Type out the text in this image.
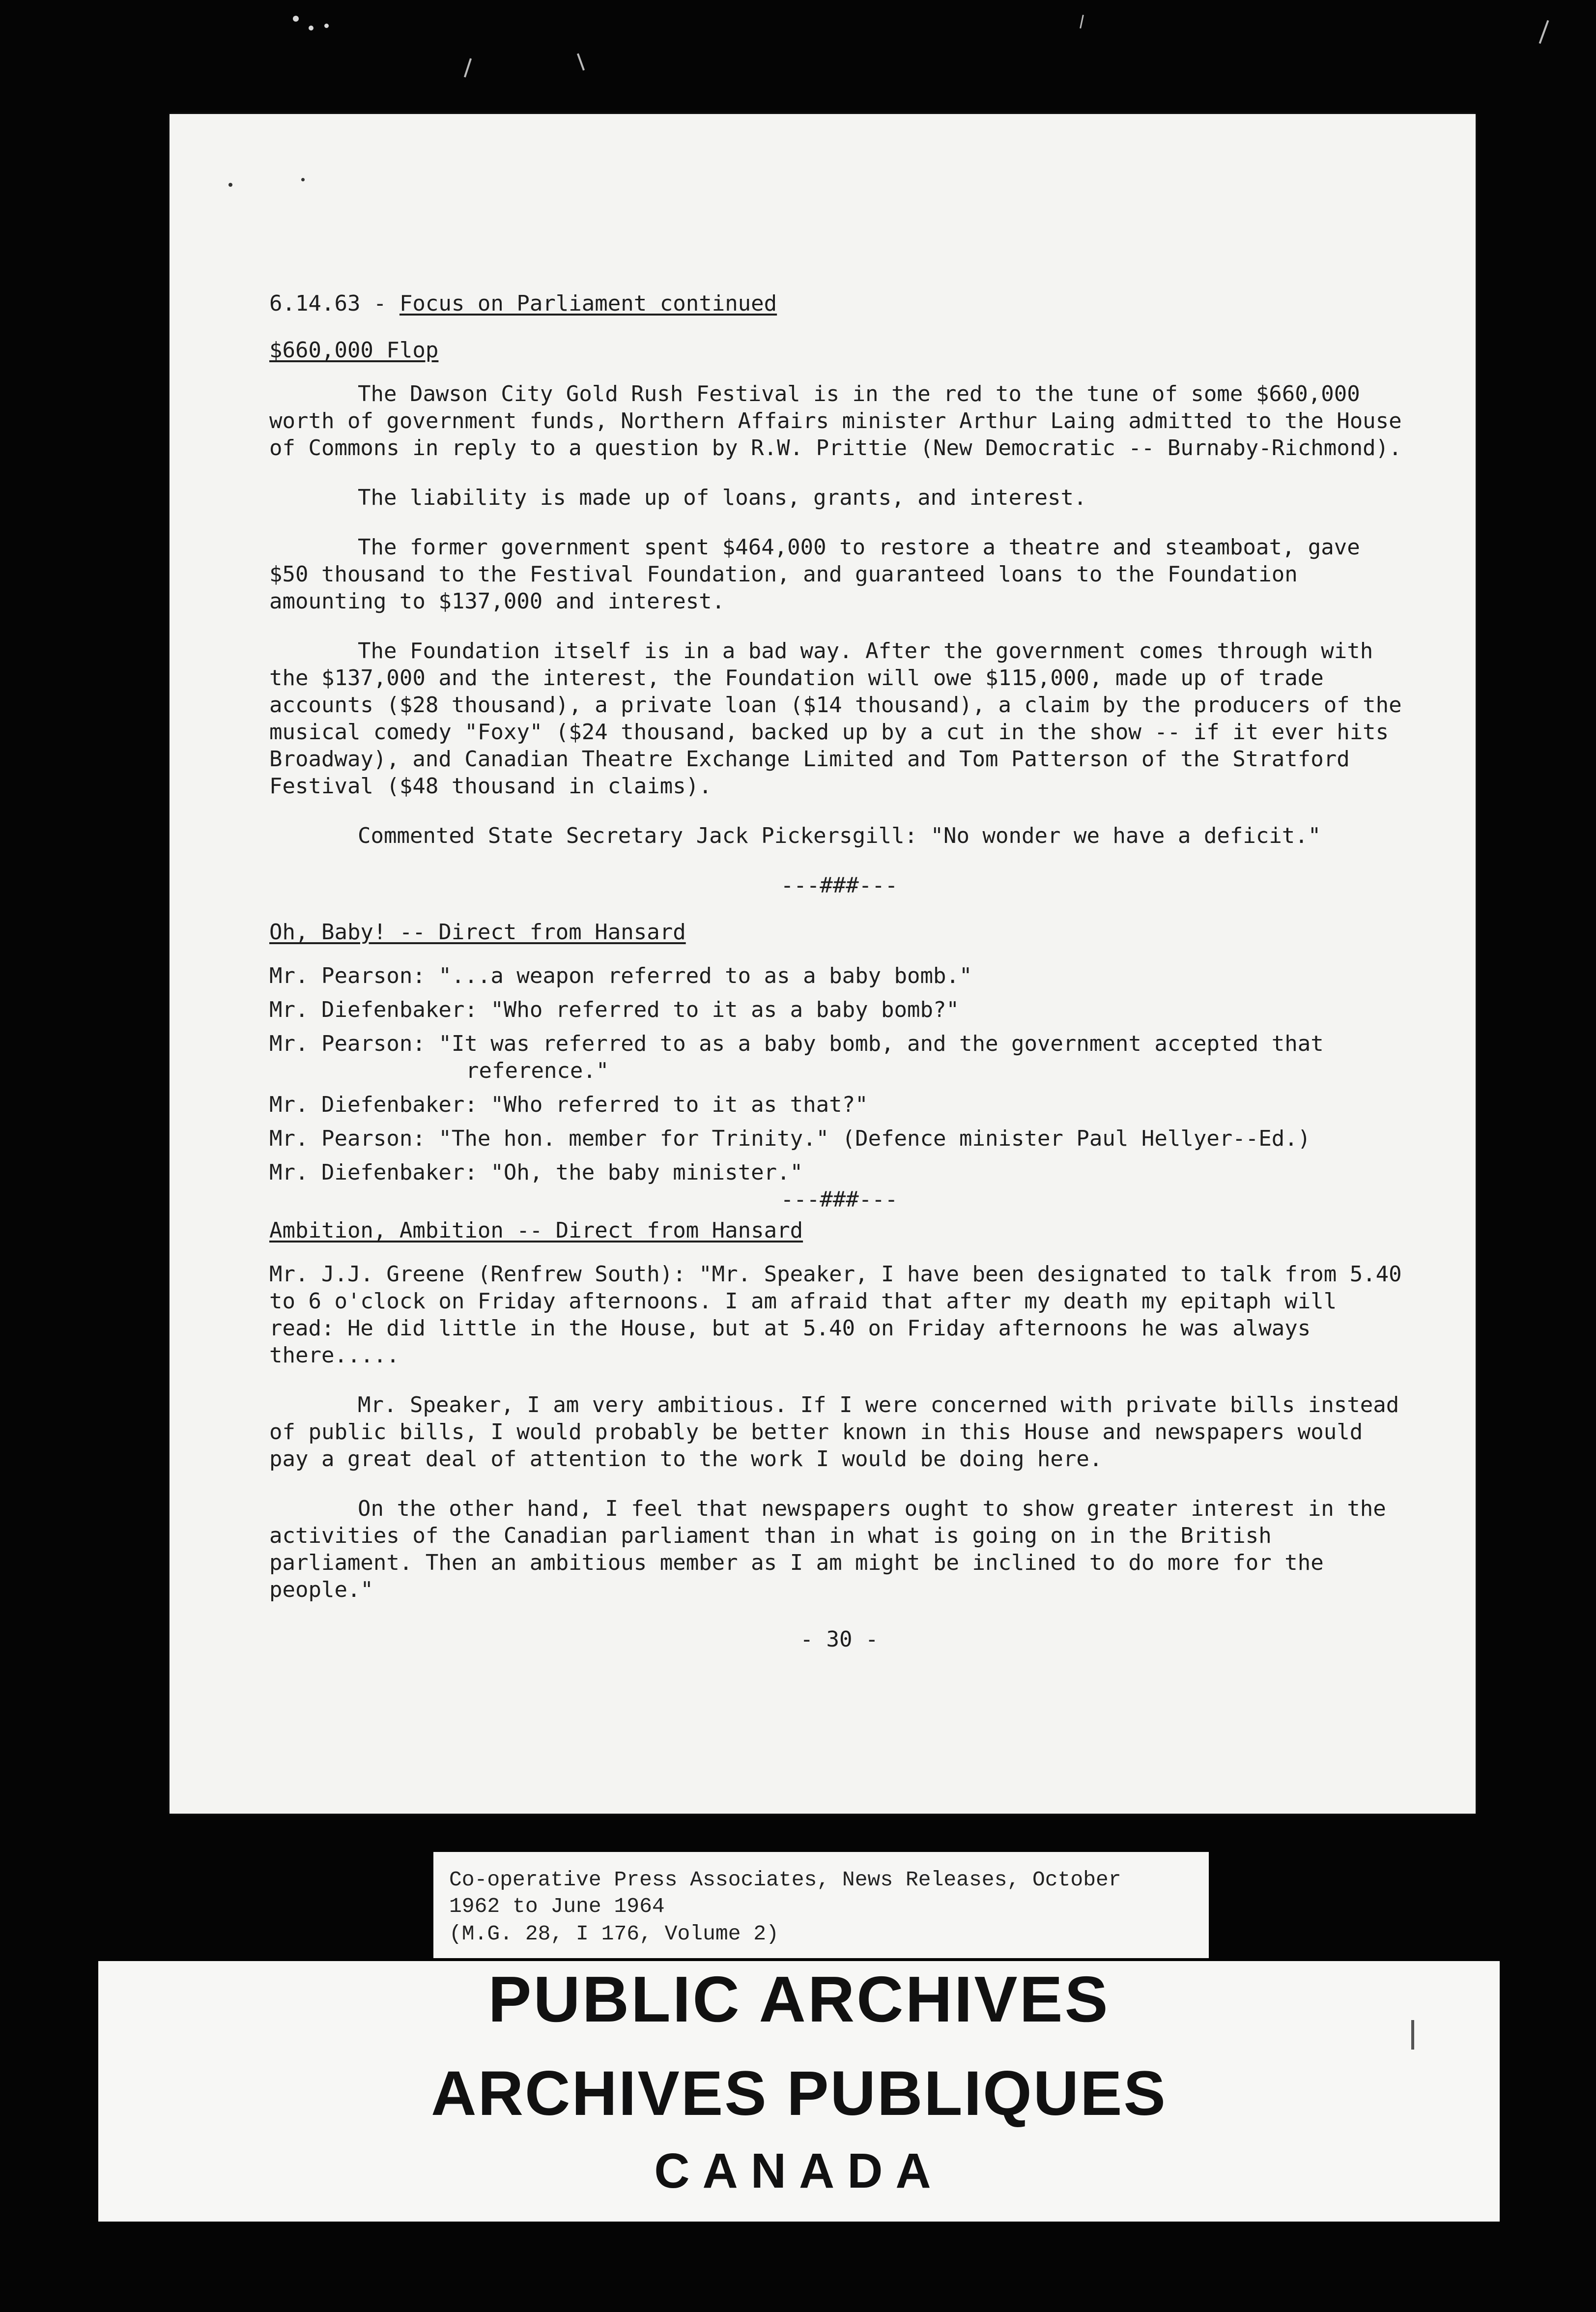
6.14.63 - Focus on Parliament continued

$660,000 Flop

The Dawson City Gold Rush Festival is in the red to the tune of some $660,000 worth of government funds, Northern Affairs minister Arthur Laing admitted to the House of Commons in reply to a question by R.W. Prittie (New Democratic -- Burnaby-Richmond).

The liability is made up of loans, grants, and interest.

The former government spent $464,000 to restore a theatre and steamboat, gave $50 thousand to the Festival Foundation, and guaranteed loans to the Foundation amounting to $137,000 and interest.

The Foundation itself is in a bad way. After the government comes through with the $137,000 and the interest, the Foundation will owe $115,000, made up of trade accounts ($28 thousand), a private loan ($14 thousand), a claim by the producers of the musical comedy "Foxy" ($24 thousand, backed up by a cut in the show -- if it ever hits Broadway), and Canadian Theatre Exchange Limited and Tom Patterson of the Stratford Festival ($48 thousand in claims).

Commented State Secretary Jack Pickersgill: "No wonder we have a deficit."

---###---

Oh, Baby! -- Direct from Hansard

Mr. Pearson: "...a weapon referred to as a baby bomb."

Mr. Diefenbaker: "Who referred to it as a baby bomb?"

Mr. Pearson: "It was referred to as a baby bomb, and the government accepted that reference."

Mr. Diefenbaker: "Who referred to it as that?"

Mr. Pearson: "The hon. member for Trinity." (Defence minister Paul Hellyer--Ed.)

Mr. Diefenbaker: "Oh, the baby minister."

---###---

Ambition, Ambition -- Direct from Hansard

Mr. J.J. Greene (Renfrew South): "Mr. Speaker, I have been designated to talk from 5.40 to 6 o'clock on Friday afternoons. I am afraid that after my death my epitaph will read: He did little in the House, but at 5.40 on Friday afternoons he was always there.....

Mr. Speaker, I am very ambitious. If I were concerned with private bills instead of public bills, I would probably be better known in this House and newspapers would pay a great deal of attention to the work I would be doing here.

On the other hand, I feel that newspapers ought to show greater interest in the activities of the Canadian parliament than in what is going on in the British parliament. Then an ambitious member as I am might be inclined to do more for the people."

- 30 -

Co-operative Press Associates, News Releases, October
1962 to June 1964
(M.G. 28, I 176, Volume 2)
PUBLIC ARCHIVES
ARCHIVES PUBLIQUES
CANADA
